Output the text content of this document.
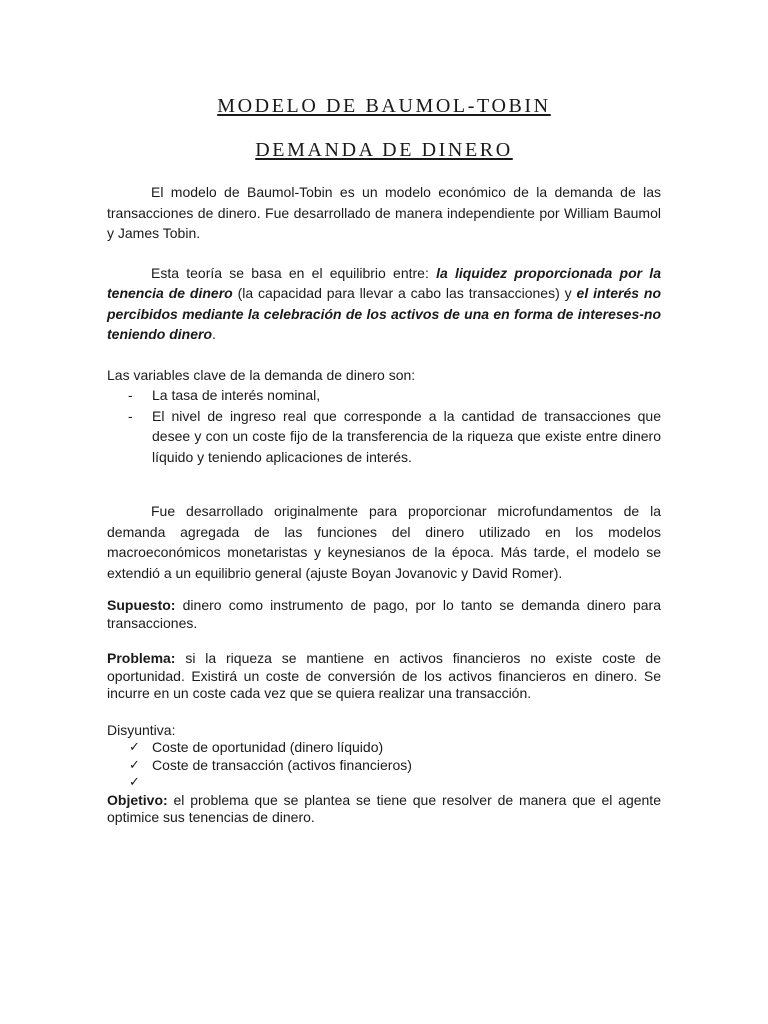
MODELO DE BAUMOL-TOBIN
DEMANDA DE DINERO

El modelo de Baumol-Tobin es un modelo económico de la demanda de las transacciones de dinero. Fue desarrollado de manera independiente por William Baumol y James Tobin.

Esta teoría se basa en el equilibrio entre: la liquidez proporcionada por la tenencia de dinero (la capacidad para llevar a cabo las transacciones) y el interés no percibidos mediante la celebración de los activos de una en forma de intereses-no teniendo dinero.

Las variables clave de la demanda de dinero son:

- La tasa de interés nominal,
- El nivel de ingreso real que corresponde a la cantidad de transacciones que desee y con un coste fijo de la transferencia de la riqueza que existe entre dinero líquido y teniendo aplicaciones de interés.

Fue desarrollado originalmente para proporcionar microfundamentos de la demanda agregada de las funciones del dinero utilizado en los modelos macroeconómicos monetaristas y keynesianos de la época. Más tarde, el modelo se extendió a un equilibrio general (ajuste Boyan Jovanovic y David Romer).

Supuesto: dinero como instrumento de pago, por lo tanto se demanda dinero para transacciones.

Problema: si la riqueza se mantiene en activos financieros no existe coste de oportunidad. Existirá un coste de conversión de los activos financieros en dinero. Se incurre en un coste cada vez que se quiera realizar una transacción.

Disyuntiva:

✓ Coste de oportunidad (dinero líquido)
✓ Coste de transacción (activos financieros)
✓

Objetivo: el problema que se plantea se tiene que resolver de manera que el agente optimice sus tenencias de dinero.
